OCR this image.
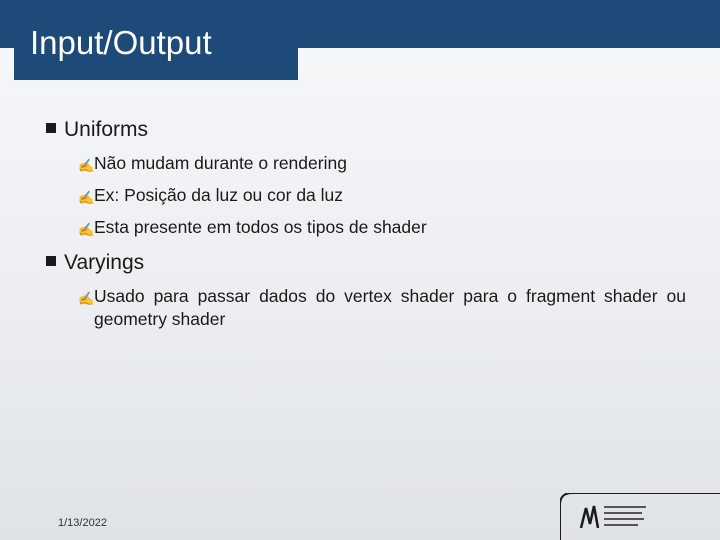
Input/Output
Uniforms
✍ Não mudam durante o rendering
✍ Ex: Posição da luz ou cor da luz
✍ Esta presente em todos os tipos de shader
Varyings
✍ Usado para passar dados do vertex shader para o fragment shader ou geometry shader
1/13/2022
